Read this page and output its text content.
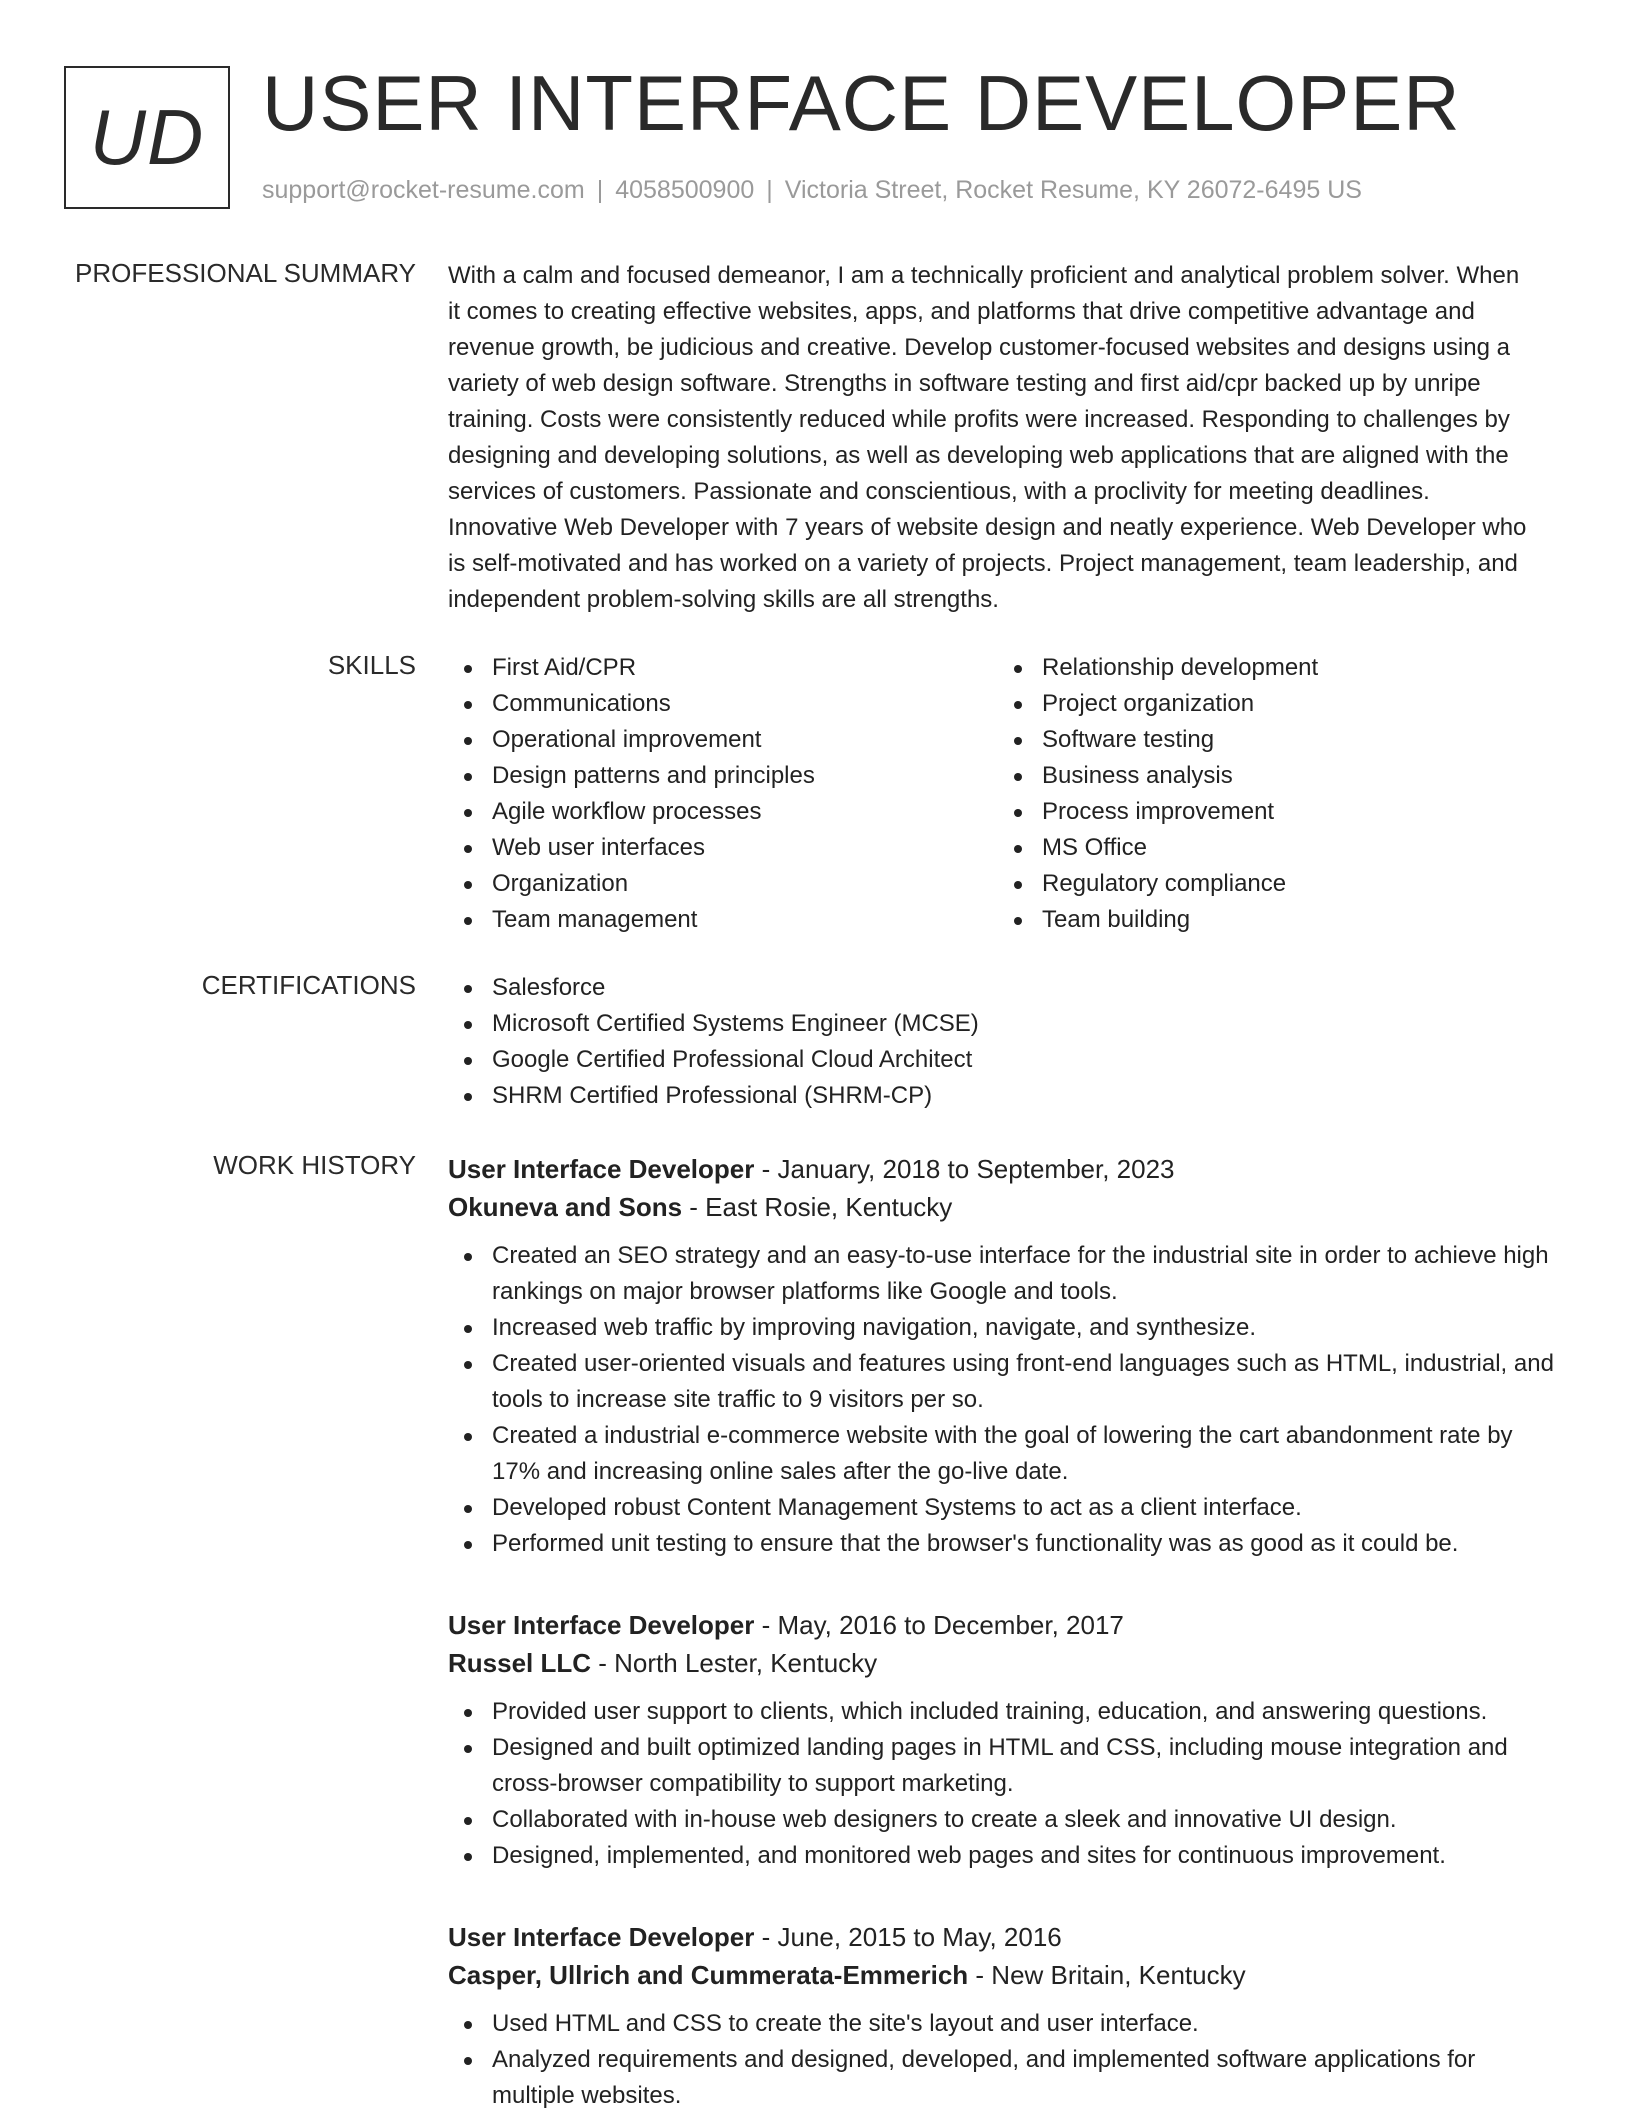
UD USER INTERFACE DEVELOPER
support@rocket-resume.com | 4058500900 | Victoria Street, Rocket Resume, KY 26072-6495 US
PROFESSIONAL SUMMARY With a calm and focused demeanor, I am a technically proficient and analytical problem solver. When
it comes to creating effective websites, apps, and platforms that drive competitive advantage and
revenue growth, be judicious and creative. Develop customer-focused websites and designs using a
variety of web design software. Strengths in software testing and first aid/cpr backed up by unripe
training. Costs were consistently reduced while profits were increased. Responding to challenges by
designing and developing solutions, as well as developing web applications that are aligned with the
services of customers. Passionate and conscientious, with a proclivity for meeting deadlines.
Innovative Web Developer with 7 years of website design and neatly experience. Web Developer who
is self-motivated and has worked on a variety of projects. Project management, team leadership, and
independent problem-solving skills are all strengths.
SKILLS	First Aid/CPR
Communications
Operational improvement
Design patterns and principles
Agile workflow processes
Web user interfaces
Organization
Team management
Relationship development
Project organization
Software testing
Business analysis
Process improvement
MS Office
Regulatory compliance
Team building
CERTIFICATIONS	Salesforce
Microsoft Certified Systems Engineer (MCSE)
Google Certified Professional Cloud Architect
SHRM Certified Professional (SHRM-CP)
WORK HISTORY User Interface Developer - January, 2018 to September, 2023
Okuneva and Sons - East Rosie, Kentucky
Created an SEO strategy and an easy-to-use interface for the industrial site in order to achieve high rankings on major browser platforms like Google and tools.
Increased web traffic by improving navigation, navigate, and synthesize.
Created user-oriented visuals and features using front-end languages such as HTML, industrial, and tools to increase site traffic to 9 visitors per so.
Created a industrial e-commerce website with the goal of lowering the cart abandonment rate by 17% and increasing online sales after the go-live date.
Developed robust Content Management Systems to act as a client interface.
Performed unit testing to ensure that the browser's functionality was as good as it could be.
User Interface Developer - May, 2016 to December, 2017
Russel LLC - North Lester, Kentucky
Provided user support to clients, which included training, education, and answering questions.
Designed and built optimized landing pages in HTML and CSS, including mouse integration and cross-browser compatibility to support marketing.
Collaborated with in-house web designers to create a sleek and innovative UI design.
Designed, implemented, and monitored web pages and sites for continuous improvement.
User Interface Developer - June, 2015 to May, 2016
Casper, Ullrich and Cummerata-Emmerich - New Britain, Kentucky
Used HTML and CSS to create the site's layout and user interface.
Analyzed requirements and designed, developed, and implemented software applications for multiple websites.
